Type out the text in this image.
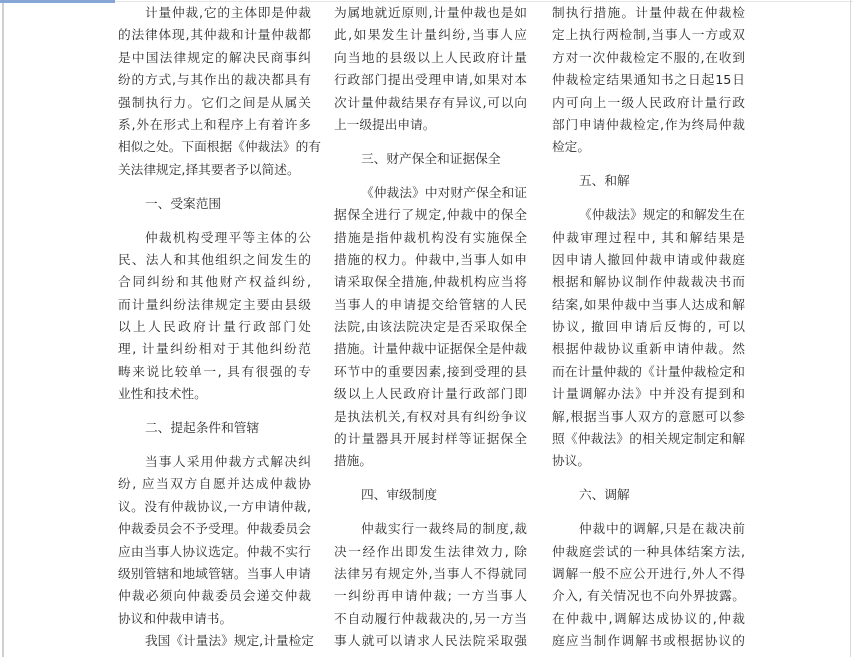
计量仲裁,它的主体即是仲裁
的法律体现,其仲裁和计量仲裁都
是中国法律规定的解决民商事纠
纷的方式,与其作出的裁决都具有
强制执行力。它们之间是从属关
系,外在形式上和程序上有着许多
相似之处。下面根据《仲裁法》的有
关法律规定,择其要者予以简述。
一、受案范围
仲裁机构受理平等主体的公
民、法人和其他组织之间发生的
合同纠纷和其他财产权益纠纷,
而计量纠纷法律规定主要由县级
以上人民政府计量行政部门处
理, 计量纠纷相对于其他纠纷范
畴来说比较单一, 具有很强的专
业性和技术性。
二、提起条件和管辖
当事人采用仲裁方式解决纠
纷, 应当双方自愿并达成仲裁协
议。没有仲裁协议,一方申请仲裁,
仲裁委员会不予受理。仲裁委员会
应由当事人协议选定。仲裁不实行
级别管辖和地域管辖。当事人申请
仲裁必须向仲裁委员会递交仲裁
协议和仲裁申请书。
我国《计量法》规定,计量检定
为属地就近原则,计量仲裁也是如
此,如果发生计量纠纷,当事人应
向当地的县级以上人民政府计量
行政部门提出受理申请,如果对本
次计量仲裁结果存有异议,可以向
上一级提出申请。
三、财产保全和证据保全
《仲裁法》中对财产保全和证
据保全进行了规定,仲裁中的保全
措施是指仲裁机构没有实施保全
措施的权力。仲裁中,当事人如申
请采取保全措施,仲裁机构应当将
当事人的申请提交给管辖的人民
法院,由该法院决定是否采取保全
措施。计量仲裁中证据保全是仲裁
环节中的重要因素,接到受理的县
级以上人民政府计量行政部门即
是执法机关,有权对具有纠纷争议
的计量器具开展封样等证据保全
措施。
四、审级制度
仲裁实行一裁终局的制度,裁
决一经作出即发生法律效力, 除
法律另有规定外,当事人不得就同
一纠纷再申请仲裁; 一方当事人
不自动履行仲裁裁决的,另一方当
事人就可以请求人民法院采取强
制执行措施。计量仲裁在仲裁检
定上执行两检制,当事人一方或双
方对一次仲裁检定不服的,在收到
仲裁检定结果通知书之日起15日
内可向上一级人民政府计量行政
部门申请仲裁检定,作为终局仲裁
检定。
五、和解
《仲裁法》规定的和解发生在
仲裁审理过程中, 其和解结果是
因申请人撤回仲裁申请或仲裁庭
根据和解协议制作仲裁裁决书而
结案,如果仲裁中当事人达成和解
协议, 撤回申请后反悔的, 可以
根据仲裁协议重新申请仲裁。然
而在计量仲裁的《计量仲裁检定和
计量调解办法》中并没有提到和
解,根据当事人双方的意愿可以参
照《仲裁法》的相关规定制定和解
协议。
六、调解
仲裁中的调解,只是在裁决前
仲裁庭尝试的一种具体结案方法,
调解一般不应公开进行,外人不得
介入, 有关情况也不向外界披露。
在仲裁中,调解达成协议的,仲裁
庭应当制作调解书或根据协议的
